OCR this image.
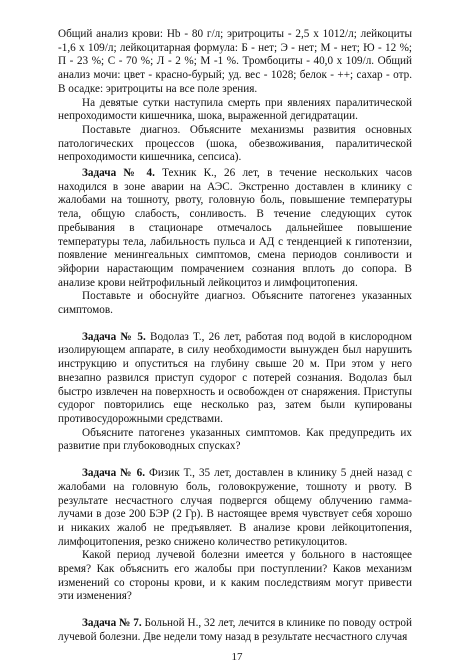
Общий анализ крови: Hb - 80 г/л; эритроциты - 2,5 x 1012/л; лейкоциты -1,6 x 109/л; лейкоцитарная формула: Б - нет; Э - нет; М - нет; Ю - 12 %; П - 23 %; С - 70 %; Л - 2 %; М -1 %. Тромбоциты - 40,0 x 109/л. Общий анализ мочи: цвет - красно-бурый; уд. вес - 1028; белок - ++; сахар - отр. В осадке: эритроциты на все поле зрения.

На девятые сутки наступила смерть при явлениях паралитической непроходимости кишечника, шока, выраженной дегидратации.

Поставьте диагноз. Объясните механизмы развития основных патологических процессов (шока, обезвоживания, паралитической непроходимости кишечника, сепсиса).

Задача № 4. Техник К., 26 лет, в течение нескольких часов находился в зоне аварии на АЭС. Экстренно доставлен в клинику с жалобами на тошноту, рвоту, головную боль, повышение температуры тела, общую слабость, сонливость. В течение следующих суток пребывания в стационаре отмечалось дальнейшее повышение температуры тела, лабильность пульса и АД с тенденцией к гипотензии, появление менингеальных симптомов, смена периодов сонливости и эйфории нарастающим помрачением сознания вплоть до сопора. В анализе крови нейтрофильный лейкоцитоз и лимфоцитопения.

Поставьте и обоснуйте диагноз. Объясните патогенез указанных симптомов.

Задача № 5. Водолаз Т., 26 лет, работая под водой в кислородном изолирующем аппарате, в силу необходимости вынужден был нарушить инструкцию и опуститься на глубину свыше 20 м. При этом у него внезапно развился приступ судорог с потерей сознания. Водолаз был быстро извлечен на поверхность и освобожден от снаряжения. Приступы судорог повторились еще несколько раз, затем были купированы противосудорожными средствами.

Объясните патогенез указанных симптомов. Как предупредить их развитие при глубоководных спусках?

Задача № 6. Физик Т., 35 лет, доставлен в клинику 5 дней назад с жалобами на головную боль, головокружение, тошноту и рвоту. В результате несчастного случая подвергся общему облучению гамма-лучами в дозе 200 БЭР (2 Гр). В настоящее время чувствует себя хорошо и никаких жалоб не предъявляет. В анализе крови лейкоцитопения, лимфоцитопения, резко снижено количество ретикулоцитов.

Какой период лучевой болезни имеется у больного в настоящее время? Как объяснить его жалобы при поступлении? Каков механизм изменений со стороны крови, и к каким последствиям могут привести эти изменения?

Задача № 7. Больной Н., 32 лет, лечится в клинике по поводу острой лучевой болезни. Две недели тому назад в результате несчастного случая

17
